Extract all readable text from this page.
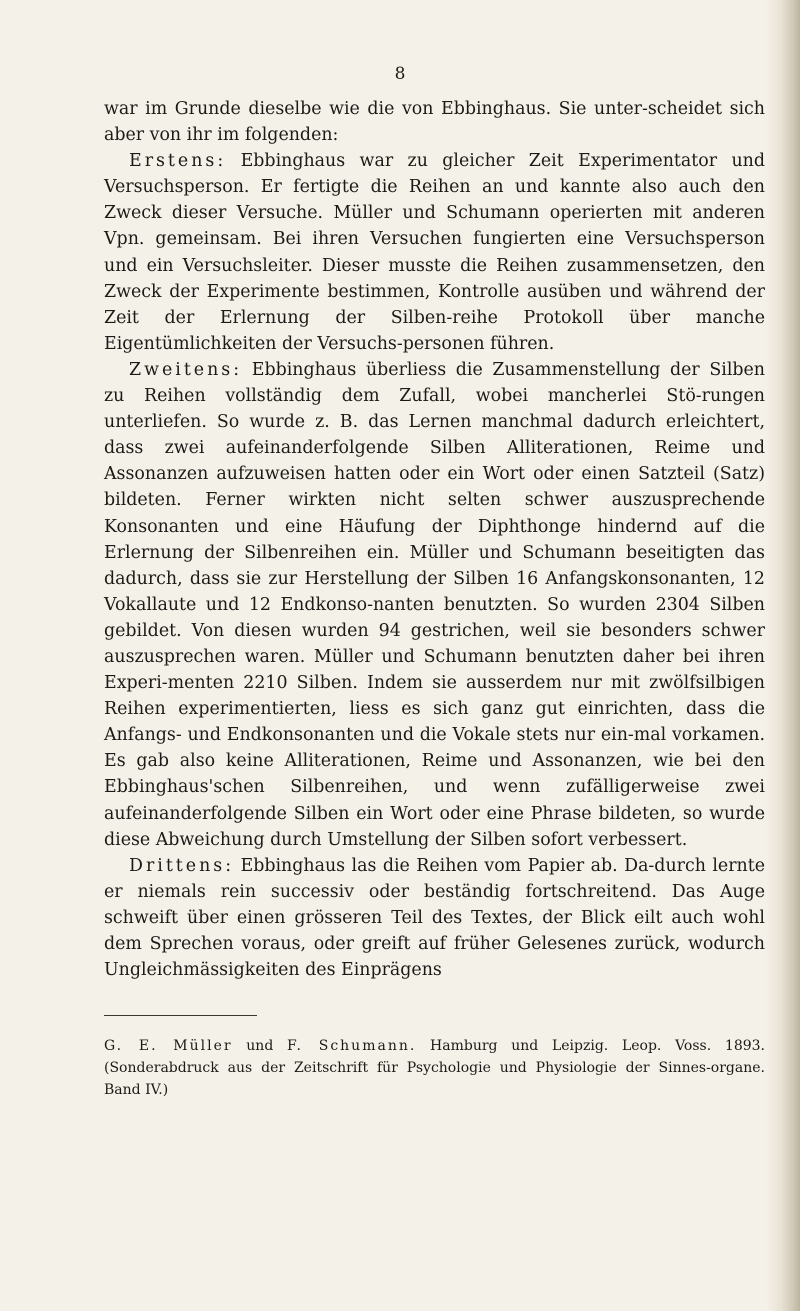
8

war im Grunde dieselbe wie die von Ebbinghaus. Sie unter-scheidet sich aber von ihr im folgenden:

Erstens: Ebbinghaus war zu gleicher Zeit Experimentator und Versuchsperson. Er fertigte die Reihen an und kannte also auch den Zweck dieser Versuche. Müller und Schumann operierten mit anderen Vpn. gemeinsam. Bei ihren Versuchen fungierten eine Versuchsperson und ein Versuchsleiter. Dieser musste die Reihen zusammensetzen, den Zweck der Experimente bestimmen, Kontrolle ausüben und während der Zeit der Erlernung der Silben-reihe Protokoll über manche Eigentümlichkeiten der Versuchs-personen führen.

Zweitens: Ebbinghaus überliess die Zusammenstellung der Silben zu Reihen vollständig dem Zufall, wobei mancherlei Stö-rungen unterliefen. So wurde z. B. das Lernen manchmal dadurch erleichtert, dass zwei aufeinanderfolgende Silben Alliterationen, Reime und Assonanzen aufzuweisen hatten oder ein Wort oder einen Satzteil (Satz) bildeten. Ferner wirkten nicht selten schwer auszusprechende Konsonanten und eine Häufung der Diphthonge hindernd auf die Erlernung der Silbenreihen ein. Müller und Schumann beseitigten das dadurch, dass sie zur Herstellung der Silben 16 Anfangskonsonanten, 12 Vokallaute und 12 Endkonso-nanten benutzten. So wurden 2304 Silben gebildet. Von diesen wurden 94 gestrichen, weil sie besonders schwer auszusprechen waren. Müller und Schumann benutzten daher bei ihren Experi-menten 2210 Silben. Indem sie ausserdem nur mit zwölfsilbigen Reihen experimentierten, liess es sich ganz gut einrichten, dass die Anfangs- und Endkonsonanten und die Vokale stets nur ein-mal vorkamen. Es gab also keine Alliterationen, Reime und Assonanzen, wie bei den Ebbinghaus'schen Silbenreihen, und wenn zufälligerweise zwei aufeinanderfolgende Silben ein Wort oder eine Phrase bildeten, so wurde diese Abweichung durch Umstellung der Silben sofort verbessert.

Drittens: Ebbinghaus las die Reihen vom Papier ab. Da-durch lernte er niemals rein successiv oder beständig fortschreitend. Das Auge schweift über einen grösseren Teil des Textes, der Blick eilt auch wohl dem Sprechen voraus, oder greift auf früher Gelesenes zurück, wodurch Ungleichmässigkeiten des Einprägens

G. E. Müller und F. Schumann. Hamburg und Leipzig. Leop. Voss. 1893. (Sonderabdruck aus der Zeitschrift für Psychologie und Physiologie der Sinnes-organe. Band IV.)
